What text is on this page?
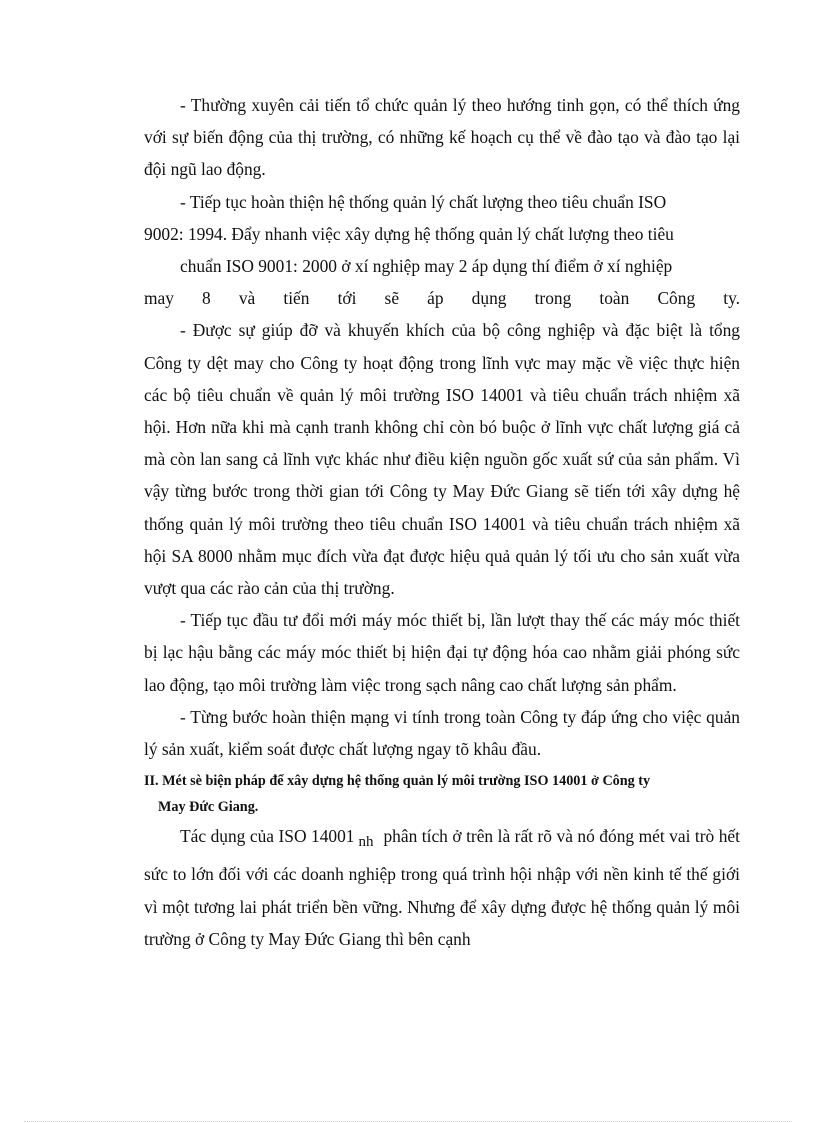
- Thường xuyên cải tiến tổ chức quản lý theo hướng tinh gọn, có thể thích ứng với sự biến động của thị trường, có những kế hoạch cụ thể về đào tạo và đào tạo lại đội ngũ lao động.

- Tiếp tục hoàn thiện hệ thống quản lý chất lượng theo tiêu chuẩn ISO

9002: 1994. Đẩy nhanh việc xây dựng hệ thống quản lý chất lượng theo tiêu

chuẩn ISO 9001: 2000 ở xí nghiệp may 2 áp dụng thí điểm ở xí nghiệp

may 8 và tiến tới sẽ áp dụng trong toàn Công ty.

- Được sự giúp đỡ và khuyến khích của bộ công nghiệp và đặc biệt là tổng Công ty dệt may cho Công ty hoạt động trong lĩnh vực may mặc về việc thực hiện các bộ tiêu chuẩn về quản lý môi trường ISO 14001 và tiêu chuẩn trách nhiệm xã hội. Hơn nữa khi mà cạnh tranh không chỉ còn bó buộc ở lĩnh vực chất lượng giá cả mà còn lan sang cả lĩnh vực khác như điều kiện nguồn gốc xuất sứ của sản phẩm. Vì vậy từng bước trong thời gian tới Công ty May Đức Giang sẽ tiến tới xây dựng hệ thống quản lý môi trường theo tiêu chuẩn ISO 14001 và tiêu chuẩn trách nhiệm xã hội SA 8000 nhằm mục đích vừa đạt được hiệu quả quản lý tối ưu cho sản xuất vừa vượt qua các rào cản của thị trường.

- Tiếp tục đầu tư đổi mới máy móc thiết bị, lần lượt thay thế các máy móc thiết bị lạc hậu bằng các máy móc thiết bị hiện đại tự động hóa cao nhằm giải phóng sức lao động, tạo môi trường làm việc trong sạch nâng cao chất lượng sản phẩm.

- Từng bước hoàn thiện mạng vi tính trong toàn Công ty đáp ứng cho việc quản lý sản xuất, kiểm soát được chất lượng ngay tõ khâu đầu.

II. Mét sè biện pháp để xây dựng hệ thống quản lý môi trường ISO 14001 ở Công ty
May Đức Giang.

Tác dụng của ISO 14001 nh phân tích ở trên là rất rõ và nó đóng mét vai trò hết sức to lớn đối với các doanh nghiệp trong quá trình hội nhập với nền kinh tế thế giới vì một tương lai phát triển bền vững. Nhưng để xây dựng được hệ thống quản lý môi trường ở Công ty May Đức Giang thì bên cạnh
